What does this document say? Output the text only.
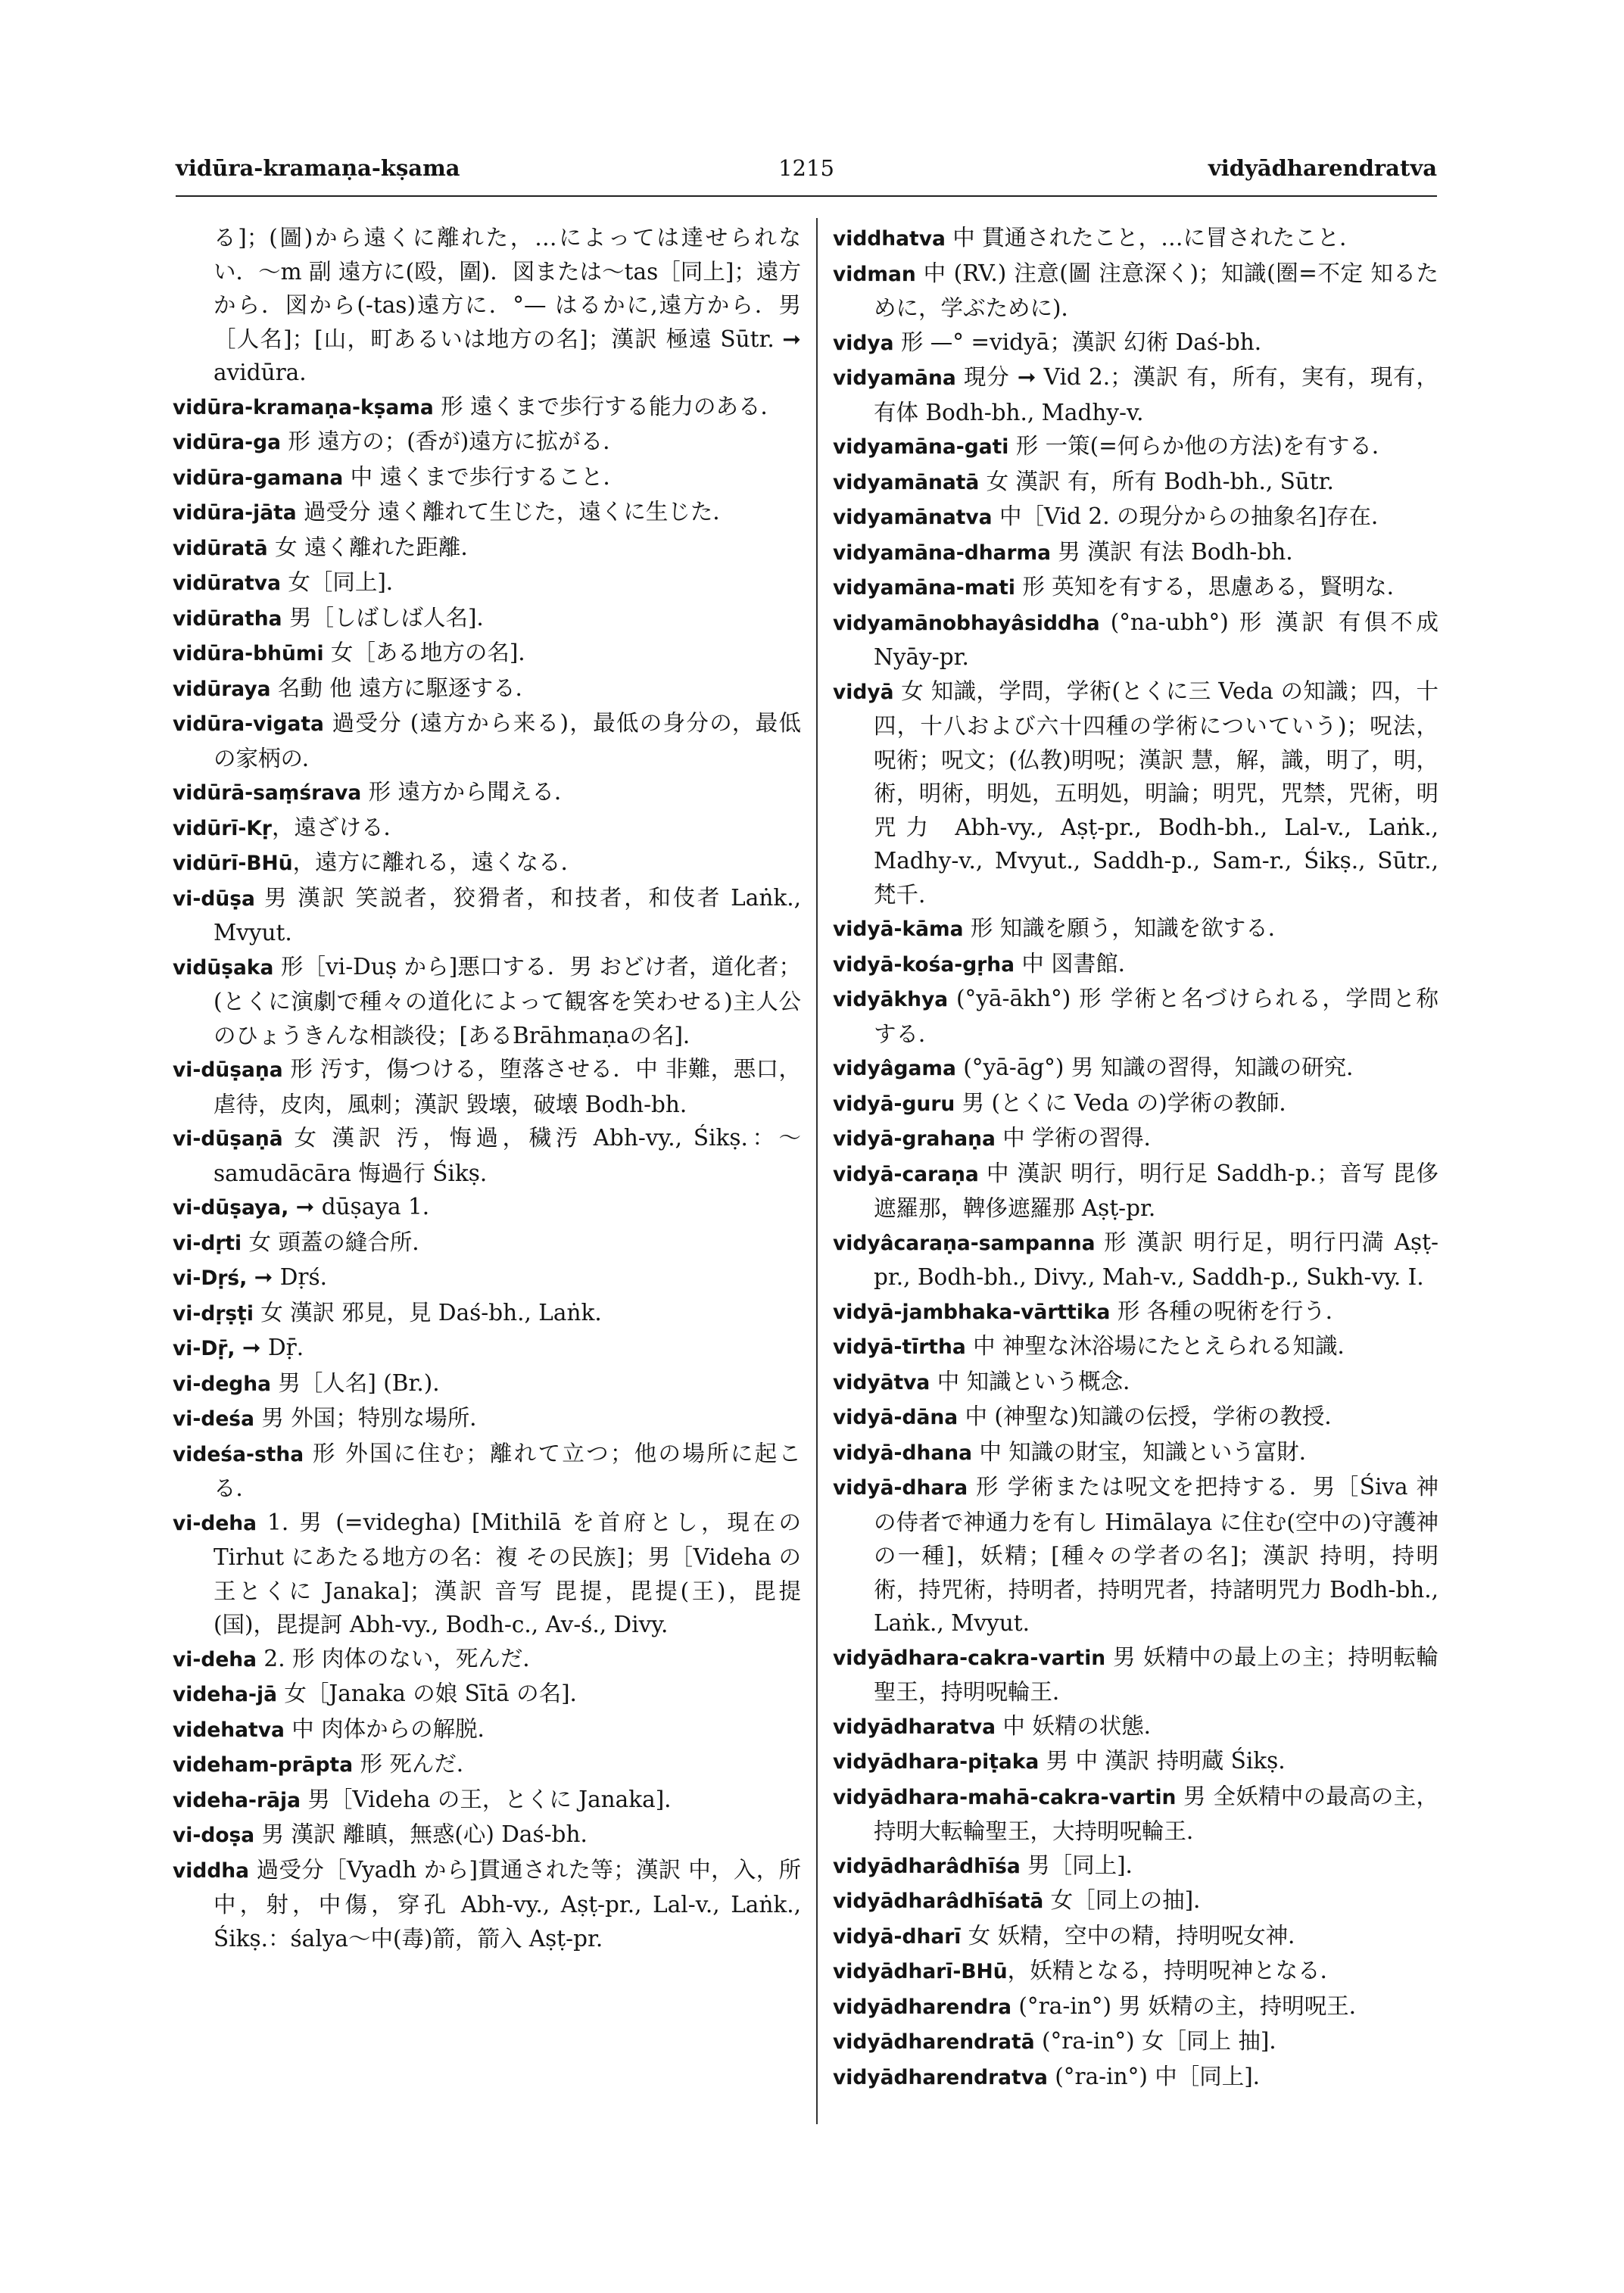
1215
vidūra-kramaṇa-kṣama	vidyādharendratva

る]；(圖)から遠くに離れた，…によっては達せられない．〜m 副 遠方に(殴，圍)．図または〜tas［同上]；遠方から．図から(-tas)遠方に．°— はるかに,遠方から．男［人名]；[山，町あるいは地方の名]；漢訳 極遠 Sūtr. ➞ avidūra.

vidūra-kramaṇa-kṣama 形 遠くまで歩行する能力のある．

vidūra-ga 形 遠方の；(香が)遠方に拡がる．

vidūra-gamana 中 遠くまで歩行すること．

vidūra-jāta 過受分 遠く離れて生じた，遠くに生じた．

vidūratā 女 遠く離れた距離．

vidūratva 女［同上]．

vidūratha 男［しばしば人名]．

vidūra-bhūmi 女［ある地方の名]．

vidūraya 名動 他 遠方に駆逐する．

vidūra-vigata 過受分 (遠方から来る)，最低の身分の，最低の家柄の．

vidūrā-saṃśrava 形 遠方から聞える．

vidūrī-Kṛ，遠ざける．

vidūrī-BHū，遠方に離れる，遠くなる．

vi-dūṣa 男 漢訳 笑説者，狡猾者，和技者，和伎者 Laṅk., Mvyut.

vidūṣaka 形［vi-Duṣ から]悪口する．男 おどけ者，道化者；(とくに演劇で種々の道化によって観客を笑わせる)主人公のひょうきんな相談役；[あるBrāhmaṇaの名]．

vi-dūṣaṇa 形 汚す，傷つける，堕落させる．中 非難，悪口，虐待，皮肉，風刺；漢訳 毀壊，破壊 Bodh-bh.

vi-dūṣaṇā 女 漢訳 汚，悔過，穢汚 Abh-vy., Śikṣ.：〜samudācāra 悔過行 Śikṣ.

vi-dūṣaya, ➞ dūṣaya 1.

vi-dṛti 女 頭蓋の縫合所．

vi-Dṛś, ➞ Dṛś.

vi-dṛṣṭi 女 漢訳 邪見，見 Daś-bh., Laṅk.

vi-Dṝ, ➞ Dṝ.

vi-degha 男［人名] (Br.).

vi-deśa 男 外国；特別な場所．

videśa-stha 形 外国に住む；離れて立つ；他の場所に起こる．

vi-deha 1. 男 (=videgha) [Mithilā を首府とし，現在の Tirhut にあたる地方の名：複 その民族]；男［Videha の王とくに Janaka]；漢訳 音写 毘提，毘提(王)，毘提(国)，毘提訶 Abh-vy., Bodh-c., Av-ś., Divy.

vi-deha 2. 形 肉体のない，死んだ．

videha-jā 女［Janaka の娘 Sītā の名]．

videhatva 中 肉体からの解脱．

videham-prāpta 形 死んだ．

videha-rāja 男［Videha の王，とくに Janaka]．

vi-doṣa 男 漢訳 離瞋，無惑(心) Daś-bh.

viddha 過受分［Vyadh から]貫通された等；漢訳 中，入，所中，射，中傷，穿孔 Abh-vy., Aṣṭ-pr., Lal-v., Laṅk., Śikṣ.：śalya〜中(毒)箭，箭入 Aṣṭ-pr.

viddhatva 中 貫通されたこと，…に冒されたこと．

vidman 中 (RV.) 注意(圖 注意深く)；知識(圏=不定 知るために，学ぶために)．

vidya 形 —° =vidyā；漢訳 幻術 Daś-bh.

vidyamāna 現分 ➞ Vid 2.；漢訳 有，所有，実有，現有，有体 Bodh-bh., Madhy-v.

vidyamāna-gati 形 一策(=何らか他の方法)を有する．

vidyamānatā 女 漢訳 有，所有 Bodh-bh., Sūtr.

vidyamānatva 中［Vid 2. の現分からの抽象名]存在．

vidyamāna-dharma 男 漢訳 有法 Bodh-bh.

vidyamāna-mati 形 英知を有する，思慮ある，賢明な．

vidyamānobhayâsiddha (°na-ubh°) 形 漢訳 有倶不成 Nyāy-pr.

vidyā 女 知識，学問，学術(とくに三 Veda の知識；四，十四，十八および六十四種の学術についていう)；呪法，呪術；呪文；(仏教)明呪；漢訳 慧，解，識，明了，明，術，明術，明処，五明処，明論；明咒，咒禁，咒術，明咒力 Abh-vy., Aṣṭ-pr., Bodh-bh., Lal-v., Laṅk., Madhy-v., Mvyut., Saddh-p., Sam-r., Śikṣ., Sūtr., 梵千.

vidyā-kāma 形 知識を願う，知識を欲する．

vidyā-kośa-gṛha 中 図書館．

vidyākhya (°yā-ākh°) 形 学術と名づけられる，学問と称する．

vidyâgama (°yā-āg°) 男 知識の習得，知識の研究．

vidyā-guru 男 (とくに Veda の)学術の教師．

vidyā-grahaṇa 中 学術の習得．

vidyā-caraṇa 中 漢訳 明行，明行足 Saddh-p.；音写 毘侈遮羅那，鞞侈遮羅那 Aṣṭ-pr.

vidyâcaraṇa-sampanna 形 漢訳 明行足，明行円満 Aṣṭ-pr., Bodh-bh., Divy., Mah-v., Saddh-p., Sukh-vy. I.

vidyā-jambhaka-vārttika 形 各種の呪術を行う．

vidyā-tīrtha 中 神聖な沐浴場にたとえられる知識．

vidyātva 中 知識という概念．

vidyā-dāna 中 (神聖な)知識の伝授，学術の教授．

vidyā-dhana 中 知識の財宝，知識という富財．

vidyā-dhara 形 学術または呪文を把持する．男［Śiva 神の侍者で神通力を有し Himālaya に住む(空中の)守護神の一種]，妖精；[種々の学者の名]；漢訳 持明，持明術，持咒術，持明者，持明咒者，持諸明咒力 Bodh-bh., Laṅk., Mvyut.

vidyādhara-cakra-vartin 男 妖精中の最上の主；持明転輪聖王，持明呪輪王．

vidyādharatva 中 妖精の状態．

vidyādhara-piṭaka 男 中 漢訳 持明蔵 Śikṣ.

vidyādhara-mahā-cakra-vartin 男 全妖精中の最高の主，持明大転輪聖王，大持明呪輪王．

vidyādharâdhīśa 男［同上]．

vidyādharâdhīśatā 女［同上の抽]．

vidyā-dharī 女 妖精，空中の精，持明呪女神．

vidyādharī-BHū，妖精となる，持明呪神となる．

vidyādharendra (°ra-in°) 男 妖精の主，持明呪王．

vidyādharendratā (°ra-in°) 女［同上 抽]．

vidyādharendratva (°ra-in°) 中［同上]．
